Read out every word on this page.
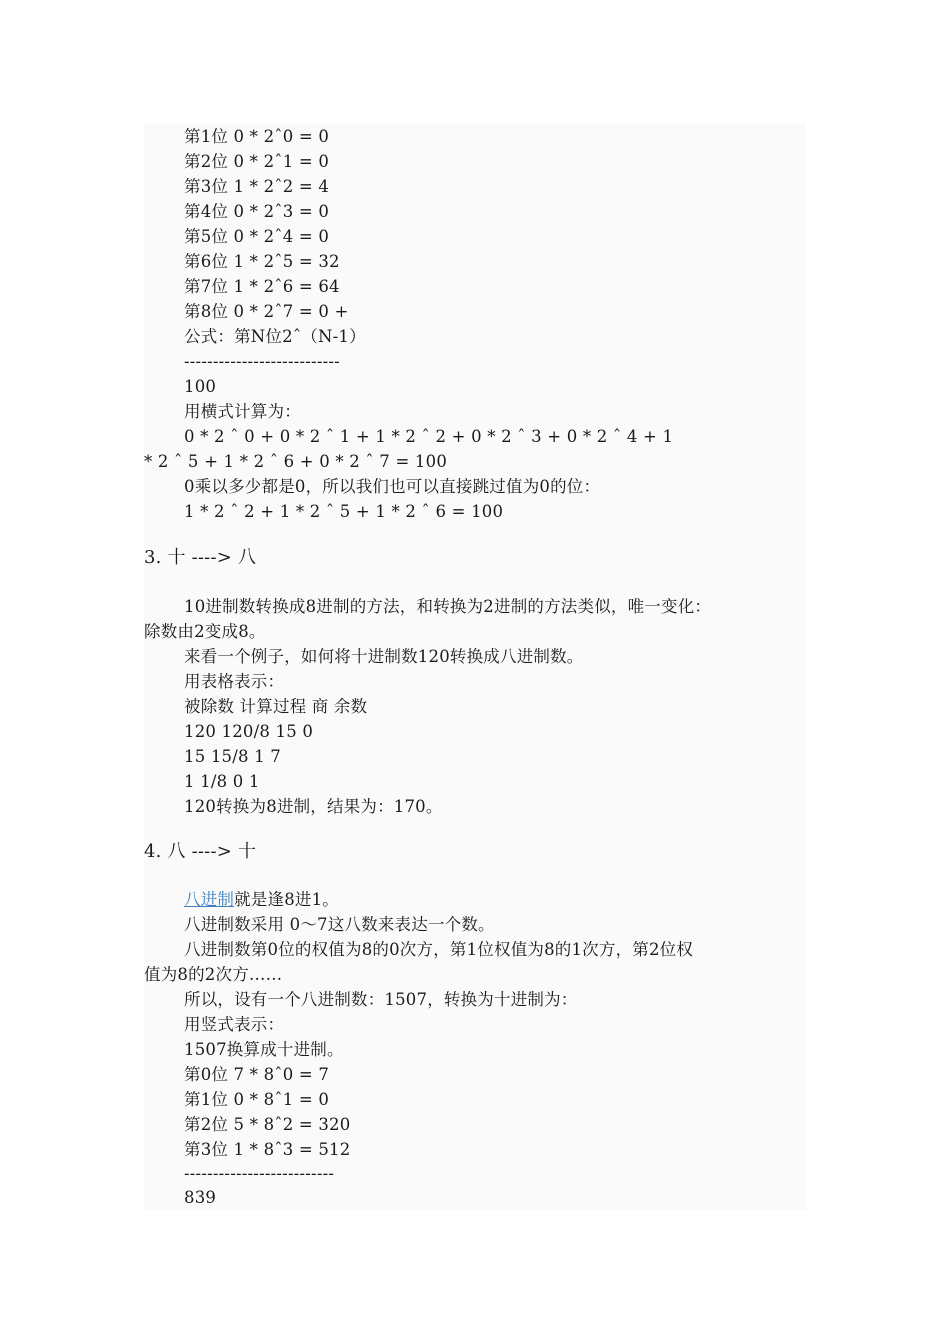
第1位 0 * 2ˆ0 = 0
第2位 0 * 2ˆ1 = 0
第3位 1 * 2ˆ2 = 4
第4位 0 * 2ˆ3 = 0
第5位 0 * 2ˆ4 = 0
第6位 1 * 2ˆ5 = 32
第7位 1 * 2ˆ6 = 64
第8位 0 * 2ˆ7 = 0 +
公式：第N位2ˆ（N-1）
---------------------------
100
用横式计算为：
0 * 2 ˆ 0 + 0 * 2 ˆ 1 + 1 * 2 ˆ 2 + 0 * 2 ˆ 3 + 0 * 2 ˆ 4 + 1
* 2 ˆ 5 + 1 * 2 ˆ 6 + 0 * 2 ˆ 7 = 100
0乘以多少都是0，所以我们也可以直接跳过值为0的位：
1 * 2 ˆ 2 + 1 * 2 ˆ 5 + 1 * 2 ˆ 6 = 100
3. 十 ----> 八
10进制数转换成8进制的方法，和转换为2进制的方法类似，唯一变化：
除数由2变成8。
来看一个例子，如何将十进制数120转换成八进制数。
用表格表示：
被除数 计算过程 商 余数
120 120/8 15 0
15 15/8 1 7
1 1/8 0 1
120转换为8进制，结果为：170。
4. 八 ----> 十
八进制就是逢8进1。
八进制数采用 0～7这八数来表达一个数。
八进制数第0位的权值为8的0次方，第1位权值为8的1次方，第2位权
值为8的2次方……
所以，设有一个八进制数：1507，转换为十进制为：
用竖式表示：
1507换算成十进制。
第0位 7 * 8ˆ0 = 7
第1位 0 * 8ˆ1 = 0
第2位 5 * 8ˆ2 = 320
第3位 1 * 8ˆ3 = 512
--------------------------
839
